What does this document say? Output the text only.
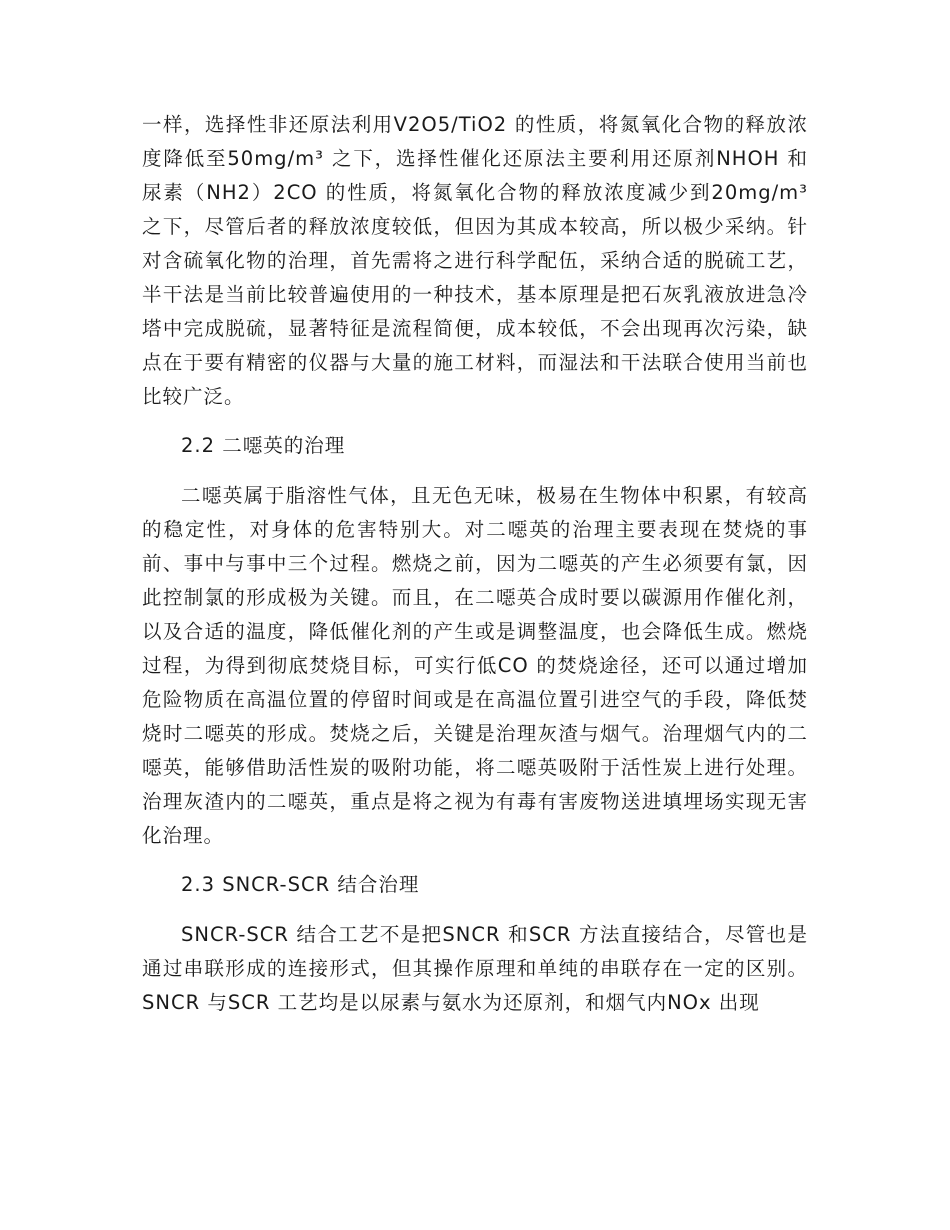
一样，选择性非还原法利用V2O5/TiO2 的性质，将氮氧化合物的释放浓度降低至50mg/m³ 之下，选择性催化还原法主要利用还原剂NHOH 和尿素（NH2）2CO 的性质，将氮氧化合物的释放浓度减少到20mg/m³ 之下，尽管后者的释放浓度较低，但因为其成本较高，所以极少采纳。针对含硫氧化物的治理，首先需将之进行科学配伍，采纳合适的脱硫工艺，半干法是当前比较普遍使用的一种技术，基本原理是把石灰乳液放进急冷塔中完成脱硫，显著特征是流程简便，成本较低，不会出现再次污染，缺点在于要有精密的仪器与大量的施工材料，而湿法和干法联合使用当前也比较广泛。

2.2 二噁英的治理

二噁英属于脂溶性气体，且无色无味，极易在生物体中积累，有较高的稳定性，对身体的危害特别大。对二噁英的治理主要表现在焚烧的事前、事中与事中三个过程。燃烧之前，因为二噁英的产生必须要有氯，因此控制氯的形成极为关键。而且，在二噁英合成时要以碳源用作催化剂，以及合适的温度，降低催化剂的产生或是调整温度，也会降低生成。燃烧过程，为得到彻底焚烧目标，可实行低CO 的焚烧途径，还可以通过增加危险物质在高温位置的停留时间或是在高温位置引进空气的手段，降低焚烧时二噁英的形成。焚烧之后，关键是治理灰渣与烟气。治理烟气内的二噁英，能够借助活性炭的吸附功能，将二噁英吸附于活性炭上进行处理。治理灰渣内的二噁英，重点是将之视为有毒有害废物送进填埋场实现无害化治理。

2.3 SNCR-SCR 结合治理

SNCR-SCR 结合工艺不是把SNCR 和SCR 方法直接结合，尽管也是通过串联形成的连接形式，但其操作原理和单纯的串联存在一定的区别。SNCR 与SCR 工艺均是以尿素与氨水为还原剂，和烟气内NOx 出现
